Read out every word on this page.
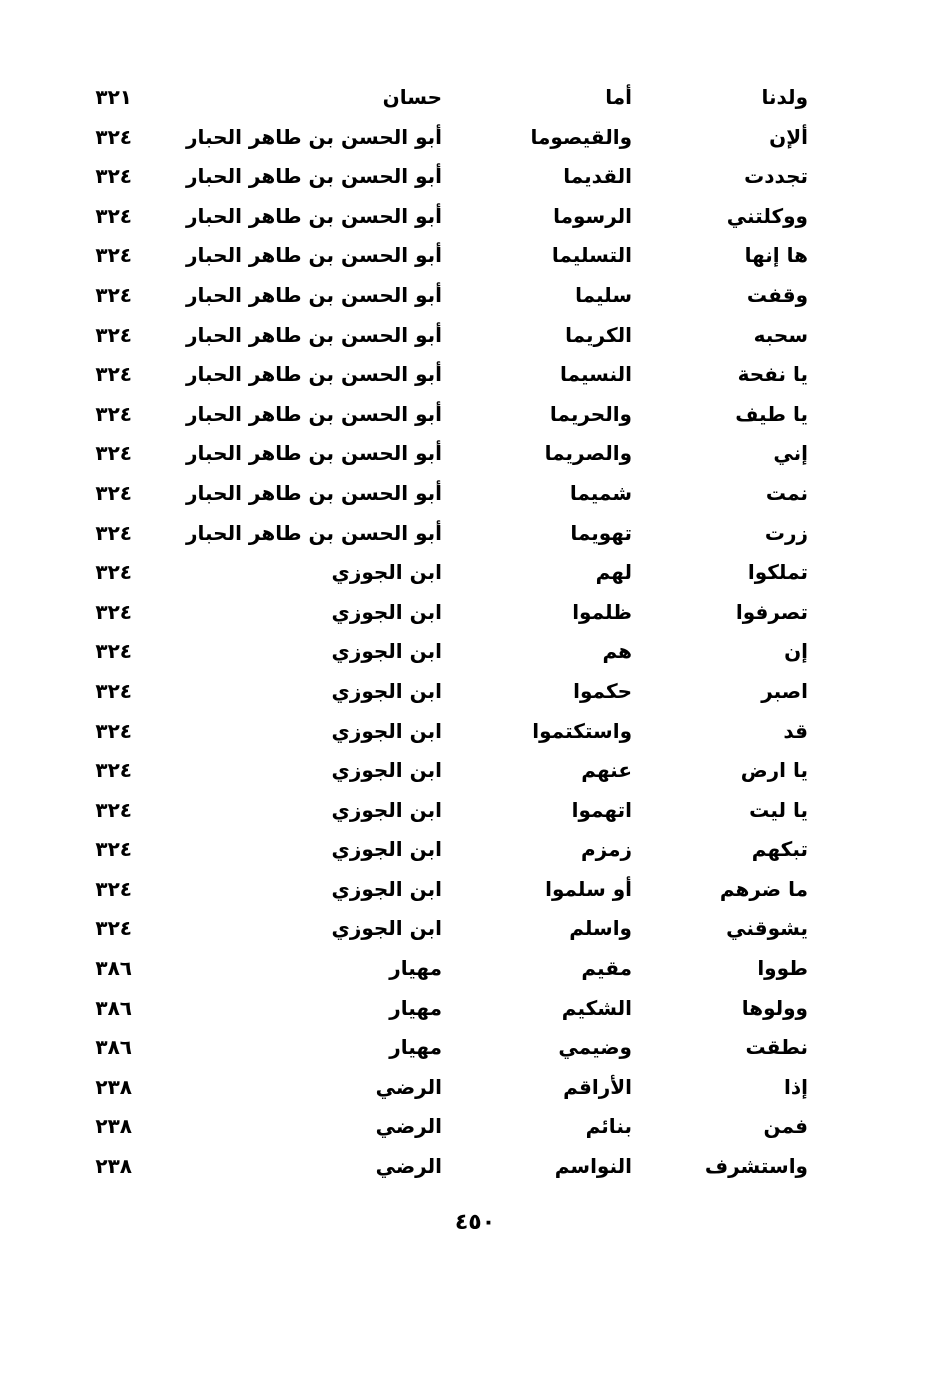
ولدنا
أما
حسان
٣٢١
ألإن
والقيصوما
أبو الحسن بن طاهر الحبار
٣٢٤
تجددت
القديما
أبو الحسن بن طاهر الحبار
٣٢٤
ووكلتني
الرسوما
أبو الحسن بن طاهر الحبار
٣٢٤
ها إنها
التسليما
أبو الحسن بن طاهر الحبار
٣٢٤
وقفت
سليما
أبو الحسن بن طاهر الحبار
٣٢٤
سحبه
الكريما
أبو الحسن بن طاهر الحبار
٣٢٤
يا نفحة
النسيما
أبو الحسن بن طاهر الحبار
٣٢٤
يا طيف
والحريما
أبو الحسن بن طاهر الحبار
٣٢٤
إني
والصريما
أبو الحسن بن طاهر الحبار
٣٢٤
نمت
شميما
أبو الحسن بن طاهر الحبار
٣٢٤
زرت
تهويما
أبو الحسن بن طاهر الحبار
٣٢٤
تملكوا
لهم
ابن الجوزي
٣٢٤
تصرفوا
ظلموا
ابن الجوزي
٣٢٤
إن
هم
ابن الجوزي
٣٢٤
اصبر
حكموا
ابن الجوزي
٣٢٤
قد
واستكتموا
ابن الجوزي
٣٢٤
يا ارض
عنهم
ابن الجوزي
٣٢٤
يا ليت
اتهموا
ابن الجوزي
٣٢٤
تبكهم
زمزم
ابن الجوزي
٣٢٤
ما ضرهم
أو سلموا
ابن الجوزي
٣٢٤
يشوقني
واسلم
ابن الجوزي
٣٢٤
طووا
مقيم
مهيار
٣٨٦
وولوها
الشكيم
مهيار
٣٨٦
نطقت
وضيمي
مهيار
٣٨٦
إذا
الأراقم
الرضي
٢٣٨
فمن
بنائم
الرضي
٢٣٨
واستشرف
النواسم
الرضي
٢٣٨
٤٥٠
